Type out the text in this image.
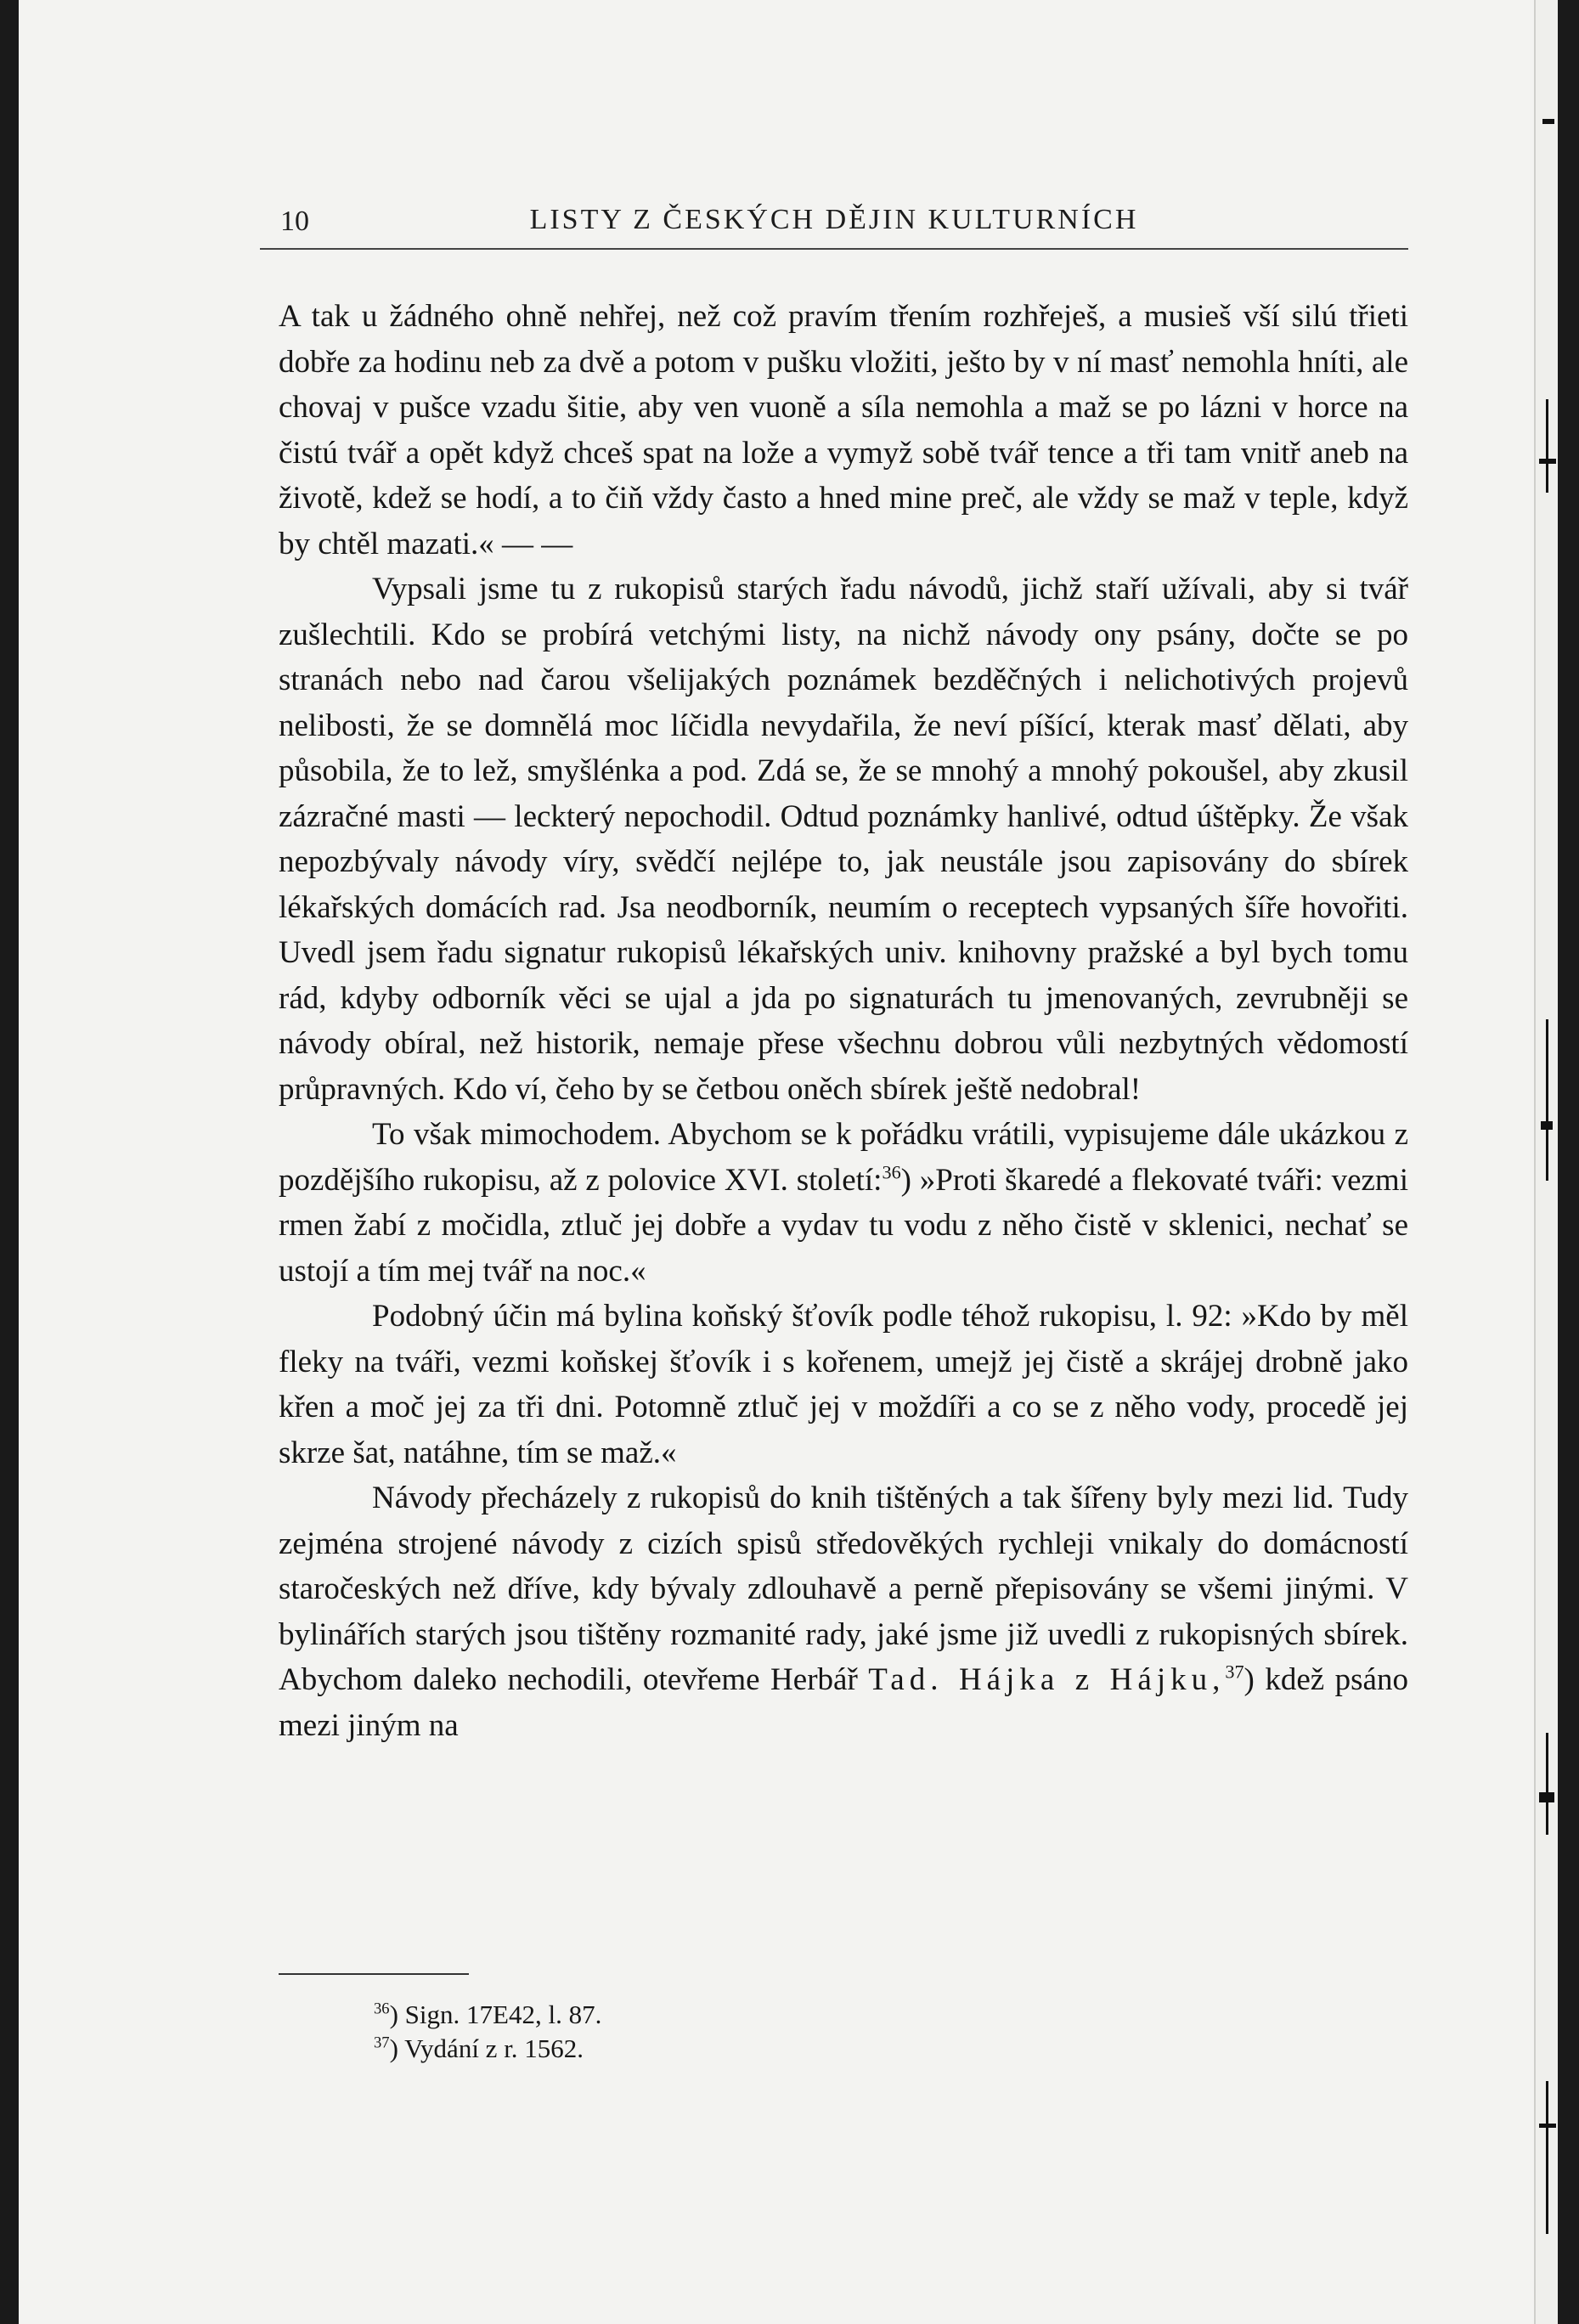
10	LISTY Z ČESKÝCH DĚJIN KULTURNÍCH

A tak u žádného ohně nehřej, než což pravím třením rozhřeješ, a musieš vší silú třieti dobře za hodinu neb za dvě a potom v pušku vložiti, ješto by v ní masť nemohla hníti, ale chovaj v pušce vzadu šitie, aby ven vuoně a síla nemohla a maž se po lázni v horce na čistú tvář a opět když chceš spat na lože a vymyž sobě tvář tence a tři tam vnitř aneb na životě, kdež se hodí, a to čiň vždy často a hned mine preč, ale vždy se maž v teple, když by chtěl mazati.« — —

Vypsali jsme tu z rukopisů starých řadu návodů, jichž staří užívali, aby si tvář zušlechtili. Kdo se probírá vetchými listy, na nichž návody ony psány, dočte se po stranách nebo nad čarou všelijakých poznámek bezděčných i nelichotivých projevů nelibosti, že se domnělá moc líčidla nevydařila, že neví píšící, kterak masť dělati, aby působila, že to lež, smyšlénka a pod. Zdá se, že se mnohý a mnohý pokoušel, aby zkusil zázračné masti — leckterý nepochodil. Odtud poznámky hanlivé, odtud úštěpky. Že však nepozbývaly návody víry, svědčí nejlépe to, jak neustále jsou zapisovány do sbírek lékařských domácích rad. Jsa neodborník, neumím o receptech vypsaných šíře hovořiti. Uvedl jsem řadu signatur rukopisů lékařských univ. knihovny pražské a byl bych tomu rád, kdyby odborník věci se ujal a jda po signaturách tu jmenovaných, zevrubněji se návody obíral, než historik, nemaje přese všechnu dobrou vůli nezbytných vědomostí průpravných. Kdo ví, čeho by se četbou oněch sbírek ještě nedobral!

To však mimochodem. Abychom se k pořádku vrátili, vypisujeme dále ukázkou z pozdějšího rukopisu, až z polovice XVI. století:$^{36}$) »Proti škaredé a flekovaté tváři: vezmi rmen žabí z močidla, ztluč jej dobře a vydav tu vodu z něho čistě v sklenici, nechať se ustojí a tím mej tvář na noc.«

Podobný účin má bylina koňský šťovík podle téhož rukopisu, l. 92: »Kdo by měl fleky na tváři, vezmi koňskej šťovík i s kořenem, umejž jej čistě a skrájej drobně jako křen a moč jej za tři dni. Potomně ztluč jej v moždíři a co se z něho vody, procedě jej skrze šat, natáhne, tím se maž.«

Návody přecházely z rukopisů do knih tištěných a tak šířeny byly mezi lid. Tudy zejména strojené návody z cizích spisů středověkých rychleji vnikaly do domácností staročeských než dříve, kdy bývaly zdlouhavě a perně přepisovány se všemi jinými. V bylinářích starých jsou tištěny rozmanité rady, jaké jsme již uvedli z rukopisných sbírek. Abychom daleko nechodili, otevřeme Herbář Tad. Hájka z Hájku,$^{37}$) kdež psáno mezi jiným na

$^{36}$) Sign. 17E42, l. 87.
$^{37}$) Vydání z r. 1562.
